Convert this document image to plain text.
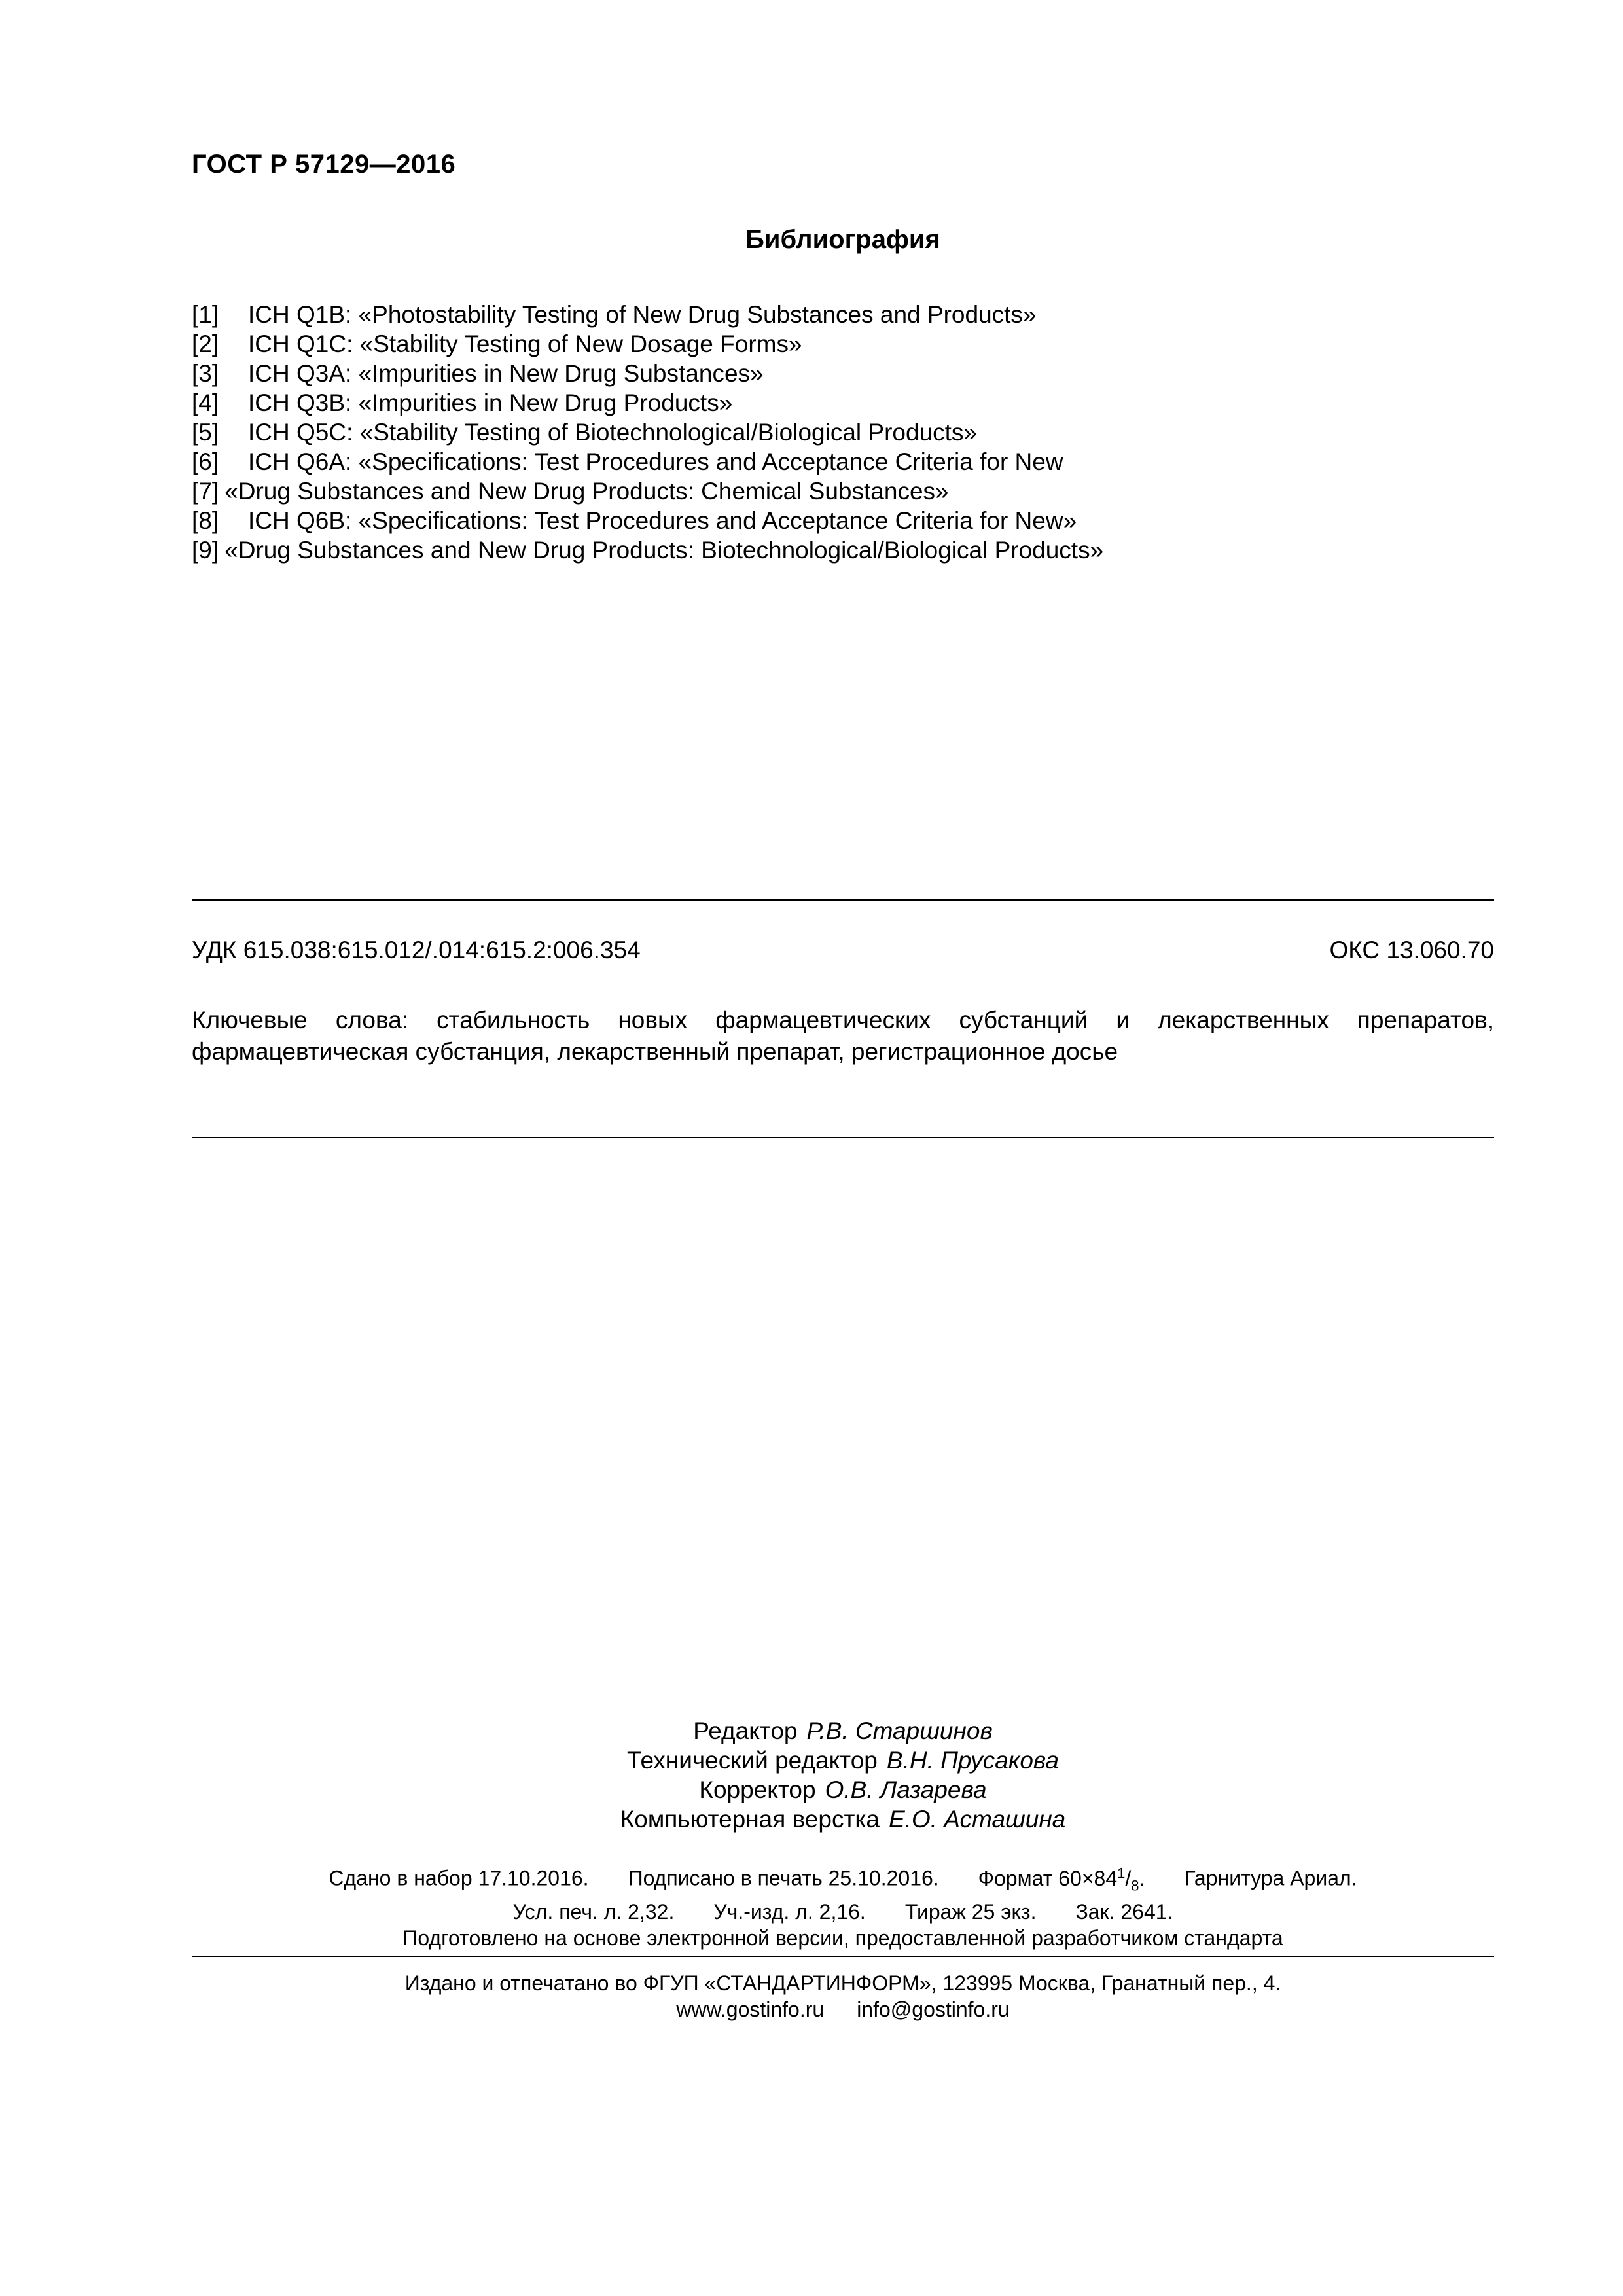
ГОСТ Р 57129—2016
Библиография
[1] ICH Q1B: «Photostability Testing of New Drug Substances and Products»
[2] ICH Q1C: «Stability Testing of New Dosage Forms»
[3] ICH Q3A: «Impurities in New Drug Substances»
[4] ICH Q3B: «Impurities in New Drug Products»
[5] ICH Q5C: «Stability Testing of Biotechnological/Biological Products»
[6] ICH Q6A: «Specifications: Test Procedures and Acceptance Criteria for New
[7] «Drug Substances and New Drug Products: Chemical Substances»
[8] ICH Q6B: «Specifications: Test Procedures and Acceptance Criteria for New»
[9] «Drug Substances and New Drug Products: Biotechnological/Biological Products»
УДК 615.038:615.012/.014:615.2:006.354	ОКС 13.060.70
Ключевые слова: стабильность новых фармацевтических субстанций и лекарственных препаратов, фармацевтическая субстанция, лекарственный препарат, регистрационное досье
Редактор Р.В. Старшинов
Технический редактор В.Н. Прусакова
Корректор О.В. Лазарева
Компьютерная верстка Е.О. Асташина
Сдано в набор 17.10.2016. Подписано в печать 25.10.2016. Формат $60\times 84^1/_8$. Гарнитура Ариал.
Усл. печ. л. 2,32. Уч.-изд. л. 2,16. Тираж 25 экз. Зак. 2641.
Подготовлено на основе электронной версии, предоставленной разработчиком стандарта
Издано и отпечатано во ФГУП «СТАНДАРТИНФОРМ», 123995 Москва, Гранатный пер., 4.
www.gostinfo.ru info@gostinfo.ru
